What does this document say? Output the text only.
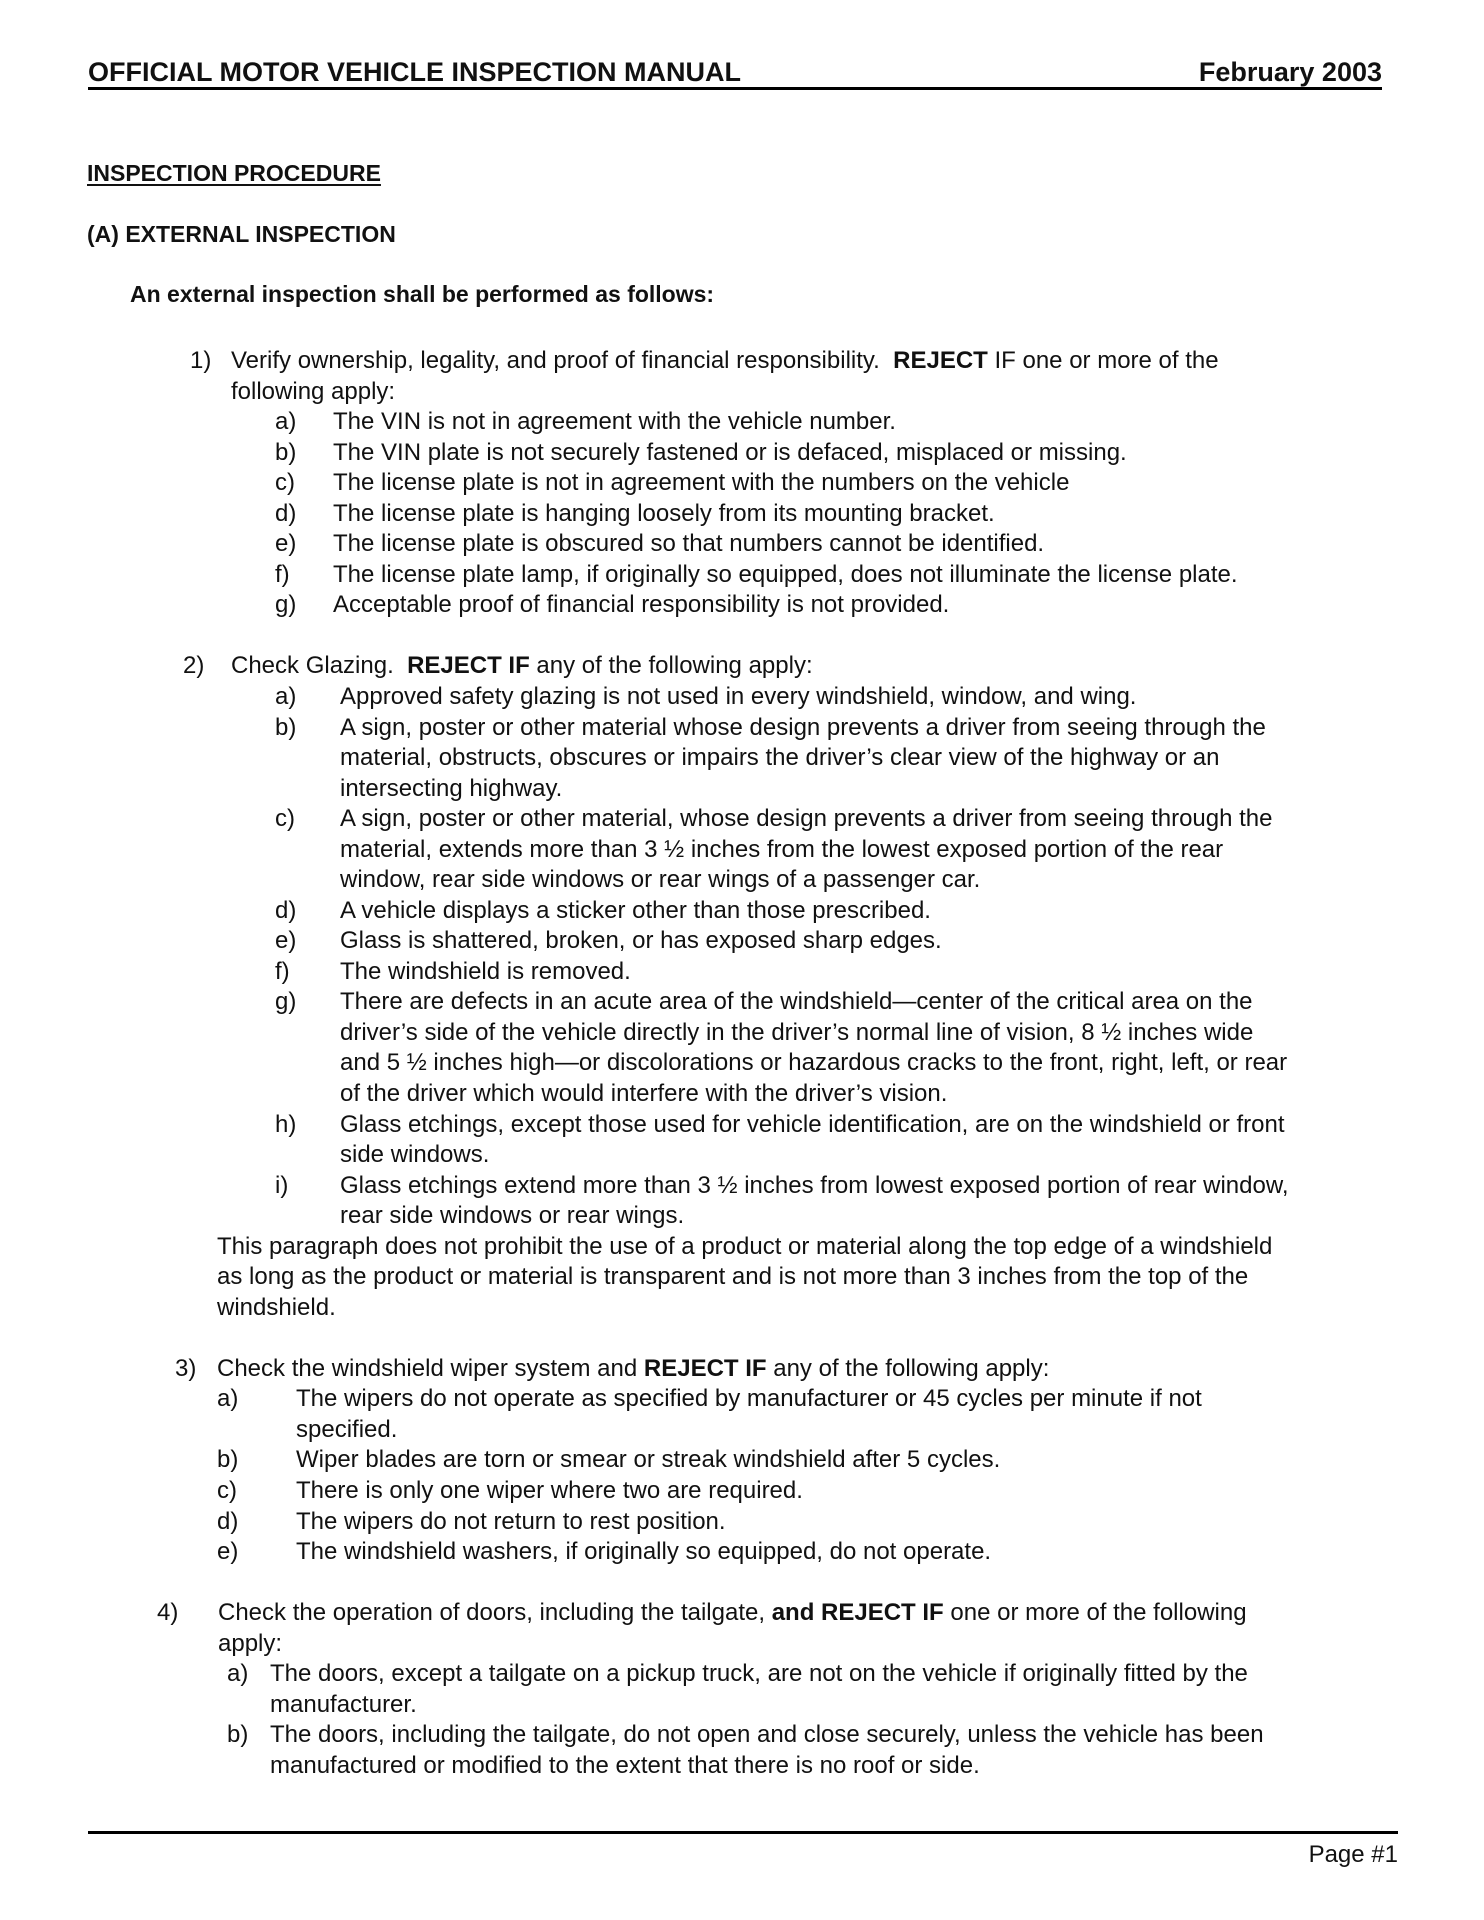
OFFICIAL MOTOR VEHICLE INSPECTION MANUAL	February 2003
INSPECTION PROCEDURE
(A) EXTERNAL INSPECTION
An external inspection shall be performed as follows:
1) Verify ownership, legality, and proof of financial responsibility.  REJECT IF one or more of the
following apply:
a) The VIN is not in agreement with the vehicle number.
b) The VIN plate is not securely fastened or is defaced, misplaced or missing.
c) The license plate is not in agreement with the numbers on the vehicle
d) The license plate is hanging loosely from its mounting bracket.
e) The license plate is obscured so that numbers cannot be identified.
f) The license plate lamp, if originally so equipped, does not illuminate the license plate.
g) Acceptable proof of financial responsibility is not provided.
2) Check Glazing.  REJECT IF any of the following apply:
a) Approved safety glazing is not used in every windshield, window, and wing.
b) A sign, poster or other material whose design prevents a driver from seeing through the
material, obstructs, obscures or impairs the driver’s clear view of the highway or an
intersecting highway.
c) A sign, poster or other material, whose design prevents a driver from seeing through the
material, extends more than 3 ½ inches from the lowest exposed portion of the rear
window, rear side windows or rear wings of a passenger car.
d) A vehicle displays a sticker other than those prescribed.
e) Glass is shattered, broken, or has exposed sharp edges.
f) The windshield is removed.
g) There are defects in an acute area of the windshield—center of the critical area on the
driver’s side of the vehicle directly in the driver’s normal line of vision, 8 ½ inches wide
and 5 ½ inches high—or discolorations or hazardous cracks to the front, right, left, or rear
of the driver which would interfere with the driver’s vision.
h) Glass etchings, except those used for vehicle identification, are on the windshield or front
side windows.
i) Glass etchings extend more than 3 ½ inches from lowest exposed portion of rear window,
rear side windows or rear wings.
This paragraph does not prohibit the use of a product or material along the top edge of a windshield
as long as the product or material is transparent and is not more than 3 inches from the top of the
windshield.
3) Check the windshield wiper system and REJECT IF any of the following apply:
a) The wipers do not operate as specified by manufacturer or 45 cycles per minute if not
specified.
b) Wiper blades are torn or smear or streak windshield after 5 cycles.
c) There is only one wiper where two are required.
d) The wipers do not return to rest position.
e) The windshield washers, if originally so equipped, do not operate.
4) Check the operation of doors, including the tailgate, and REJECT IF one or more of the following
apply:
a) The doors, except a tailgate on a pickup truck, are not on the vehicle if originally fitted by the
manufacturer.
b) The doors, including the tailgate, do not open and close securely, unless the vehicle has been
manufactured or modified to the extent that there is no roof or side.
Page #1
